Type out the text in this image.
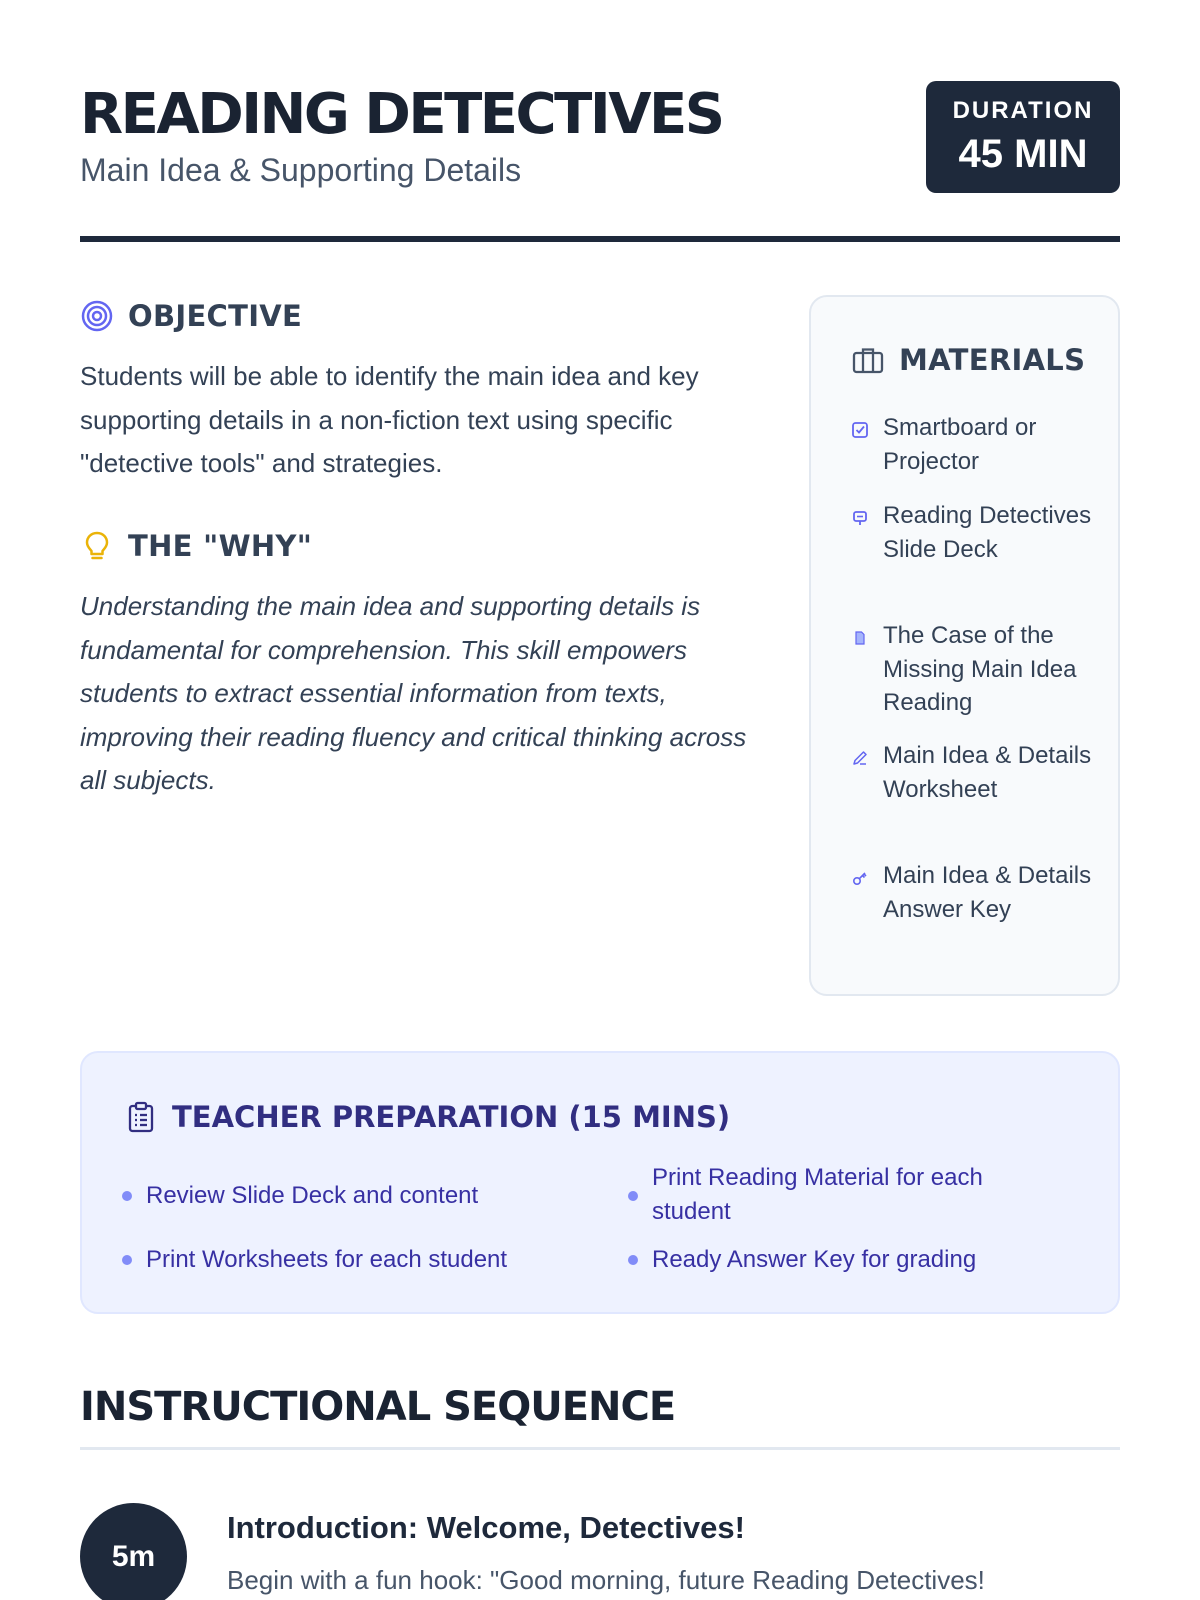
READING DETECTIVES
Main Idea & Supporting Details
DURATION
45 MIN
OBJECTIVE

Students will be able to identify the main idea and key supporting details in a non-fiction text using specific "detective tools" and strategies.

THE "WHY"

Understanding the main idea and supporting details is fundamental for comprehension. This skill empowers students to extract essential information from texts, improving their reading fluency and critical thinking across all subjects.

MATERIALS
Smartboard or Projector
Reading Detectives Slide Deck
The Case of the Missing Main Idea Reading
Main Idea & Details Worksheet
Main Idea & Details Answer Key
TEACHER PREPARATION (15 MINS)
Review Slide Deck and content
Print Reading Material for each student
Print Worksheets for each student	Ready Answer Key for grading
INSTRUCTIONAL SEQUENCE
5m
Introduction: Welcome, Detectives!
Begin with a fun hook: "Good morning, future Reading Detectives!
